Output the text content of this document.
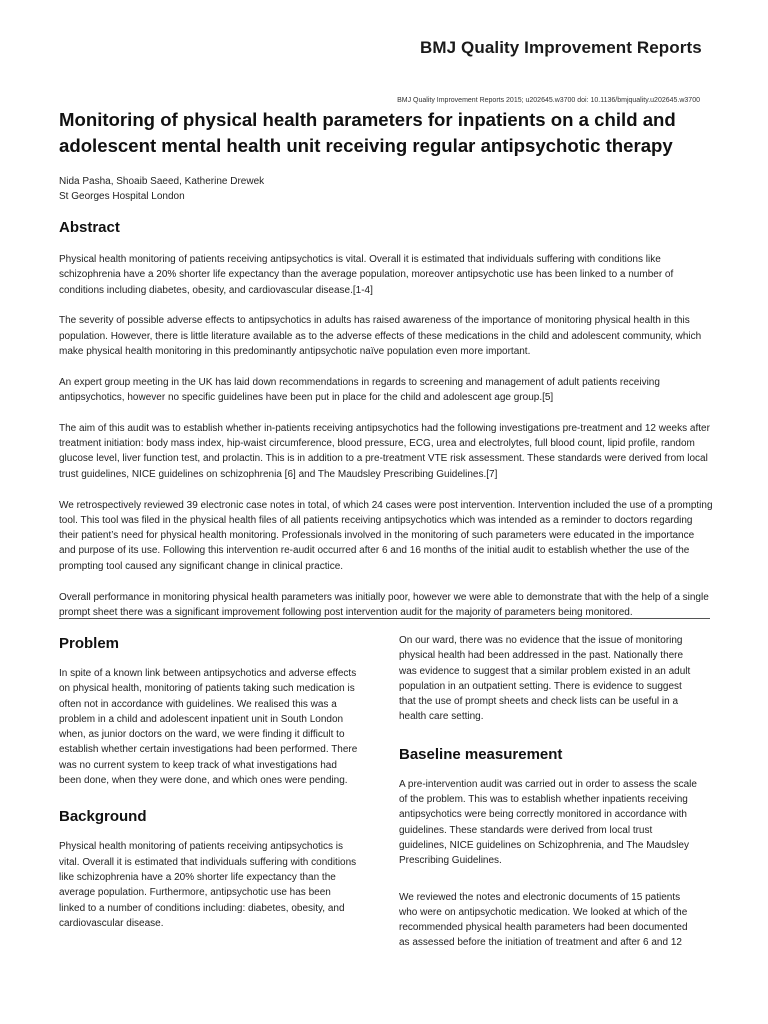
BMJ Quality Improvement Reports
BMJ Quality Improvement Reports 2015; u202645.w3700 doi: 10.1136/bmjquality.u202645.w3700
Monitoring of physical health parameters for inpatients on a child and adolescent mental health unit receiving regular antipsychotic therapy
Nida Pasha, Shoaib Saeed, Katherine Drewek
St Georges Hospital London
Abstract

Physical health monitoring of patients receiving antipsychotics is vital. Overall it is estimated that individuals suffering with conditions like schizophrenia have a 20% shorter life expectancy than the average population, moreover antipsychotic use has been linked to a number of conditions including diabetes, obesity, and cardiovascular disease.[1-4]

The severity of possible adverse effects to antipsychotics in adults has raised awareness of the importance of monitoring physical health in this population. However, there is little literature available as to the adverse effects of these medications in the child and adolescent community, which make physical health monitoring in this predominantly antipsychotic naïve population even more important.

An expert group meeting in the UK has laid down recommendations in regards to screening and management of adult patients receiving antipsychotics, however no specific guidelines have been put in place for the child and adolescent age group.[5]

The aim of this audit was to establish whether in-patients receiving antipsychotics had the following investigations pre-treatment and 12 weeks after treatment initiation: body mass index, hip-waist circumference, blood pressure, ECG, urea and electrolytes, full blood count, lipid profile, random glucose level, liver function test, and prolactin. This is in addition to a pre-treatment VTE risk assessment. These standards were derived from local trust guidelines, NICE guidelines on schizophrenia [6] and The Maudsley Prescribing Guidelines.[7]

We retrospectively reviewed 39 electronic case notes in total, of which 24 cases were post intervention. Intervention included the use of a prompting tool. This tool was filed in the physical health files of all patients receiving antipsychotics which was intended as a reminder to doctors regarding their patient’s need for physical health monitoring. Professionals involved in the monitoring of such parameters were educated in the importance and purpose of its use. Following this intervention re-audit occurred after 6 and 16 months of the initial audit to establish whether the use of the prompting tool caused any significant change in clinical practice.

Overall performance in monitoring physical health parameters was initially poor, however we were able to demonstrate that with the help of a single prompt sheet there was a significant improvement following post intervention audit for the majority of parameters being monitored.

Problem

In spite of a known link between antipsychotics and adverse effects on physical health, monitoring of patients taking such medication is often not in accordance with guidelines. We realised this was a problem in a child and adolescent inpatient unit in South London when, as junior doctors on the ward, we were finding it difficult to establish whether certain investigations had been performed. There was no current system to keep track of what investigations had been done, when they were done, and which ones were pending.

Background

Physical health monitoring of patients receiving antipsychotics is vital. Overall it is estimated that individuals suffering with conditions like schizophrenia have a 20% shorter life expectancy than the average population. Furthermore, antipsychotic use has been linked to a number of conditions including: diabetes, obesity, and cardiovascular disease.

On our ward, there was no evidence that the issue of monitoring physical health had been addressed in the past. Nationally there was evidence to suggest that a similar problem existed in an adult population in an outpatient setting. There is evidence to suggest that the use of prompt sheets and check lists can be useful in a health care setting.

Baseline measurement

A pre-intervention audit was carried out in order to assess the scale of the problem. This was to establish whether inpatients receiving antipsychotics were being correctly monitored in accordance with guidelines. These standards were derived from local trust guidelines, NICE guidelines on Schizophrenia, and The Maudsley Prescribing Guidelines.

We reviewed the notes and electronic documents of 15 patients who were on antipsychotic medication. We looked at which of the recommended physical health parameters had been documented as assessed before the initiation of treatment and after 6 and 12
